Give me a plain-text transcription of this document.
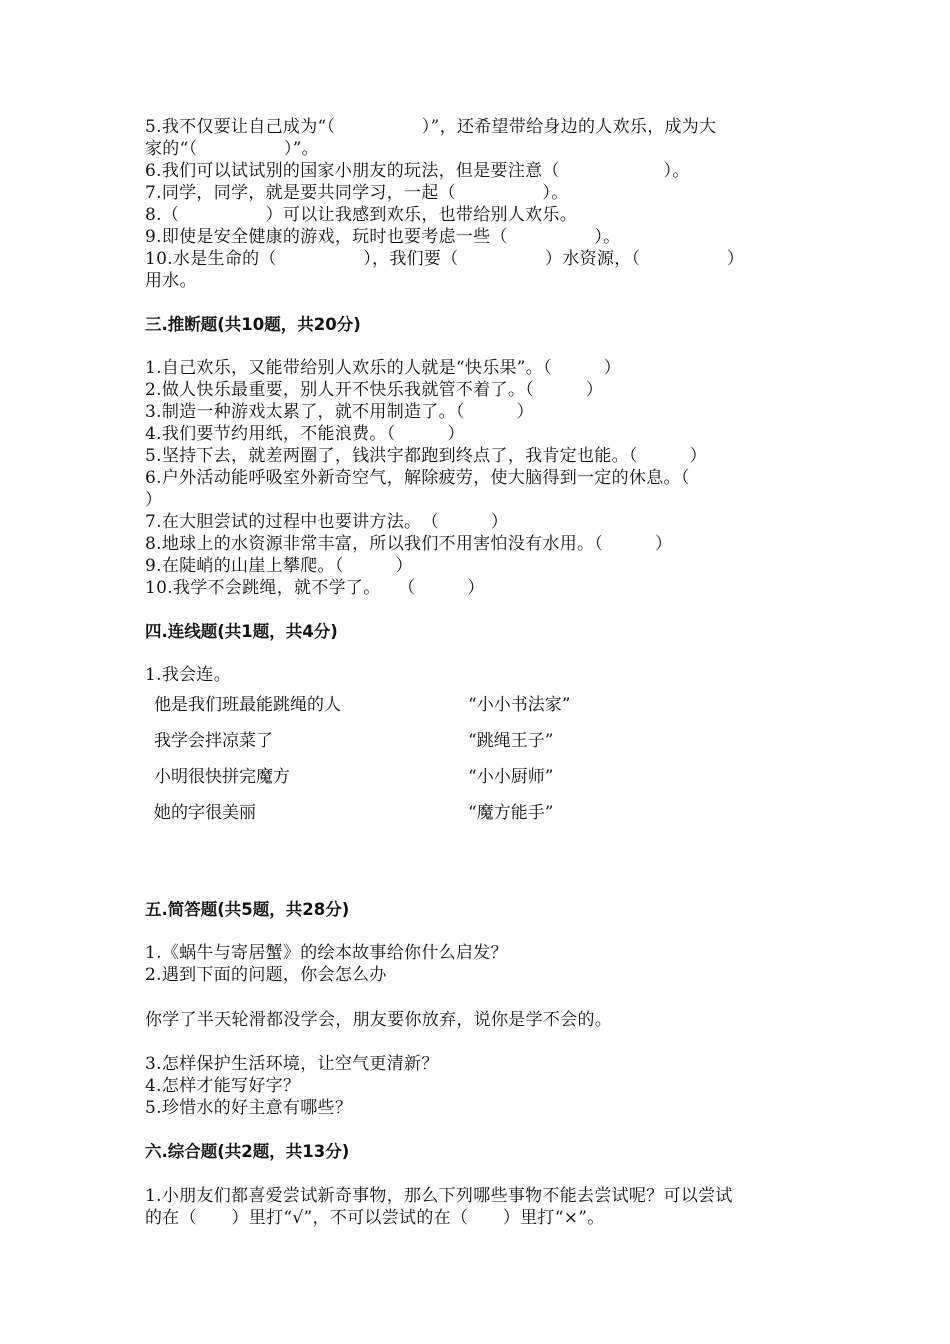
5.我不仅要让自己成为“（　　　　　）”，还希望带给身边的人欢乐，成为大
家的“（　　　　　）”。
6.我们可以试试别的国家小朋友的玩法，但是要注意（　　　　　　）。
7.同学，同学，就是要共同学习，一起（　　　　　）。
8.（　　　　　）可以让我感到欢乐，也带给别人欢乐。
9.即使是安全健康的游戏，玩时也要考虑一些（　　　　　）。
10.水是生命的（　　　　　），我们要（　　　　　）水资源，（　　　　　）
用水。
三.推断题(共10题，共20分)
1.自己欢乐，又能带给别人欢乐的人就是“快乐果”。（　　　）
2.做人快乐最重要，别人开不快乐我就管不着了。（　　　）
3.制造一种游戏太累了，就不用制造了。（　　　）
4.我们要节约用纸，不能浪费。（　　　）
5.坚持下去，就差两圈了，钱洪宇都跑到终点了，我肯定也能。（　　　）
6.户外活动能呼吸室外新奇空气，解除疲劳，使大脑得到一定的休息。（
）
7.在大胆尝试的过程中也要讲方法。　（　　　）
8.地球上的水资源非常丰富，所以我们不用害怕没有水用。（　　　）
9.在陡峭的山崖上攀爬。（　　　）
10.我学不会跳绳，就不学了。　　（　　　）
四.连线题(共1题，共4分)
1.我会连。
他是我们班最能跳绳的人	“小小书法家”
我学会拌凉菜了	“跳绳王子”
小明很快拼完魔方	“小小厨师”
她的字很美丽	“魔方能手”
五.简答题(共5题，共28分)
1.《蜗牛与寄居蟹》的绘本故事给你什么启发？
2.遇到下面的问题，你会怎么办
你学了半天轮滑都没学会，朋友要你放弃，说你是学不会的。
3.怎样保护生活环境，让空气更清新？
4.怎样才能写好字？
5.珍惜水的好主意有哪些？
六.综合题(共2题，共13分)
1.小朋友们都喜爱尝试新奇事物，那么下列哪些事物不能去尝试呢？可以尝试
的在（　　）里打“√”，不可以尝试的在（　　）里打“×”。
